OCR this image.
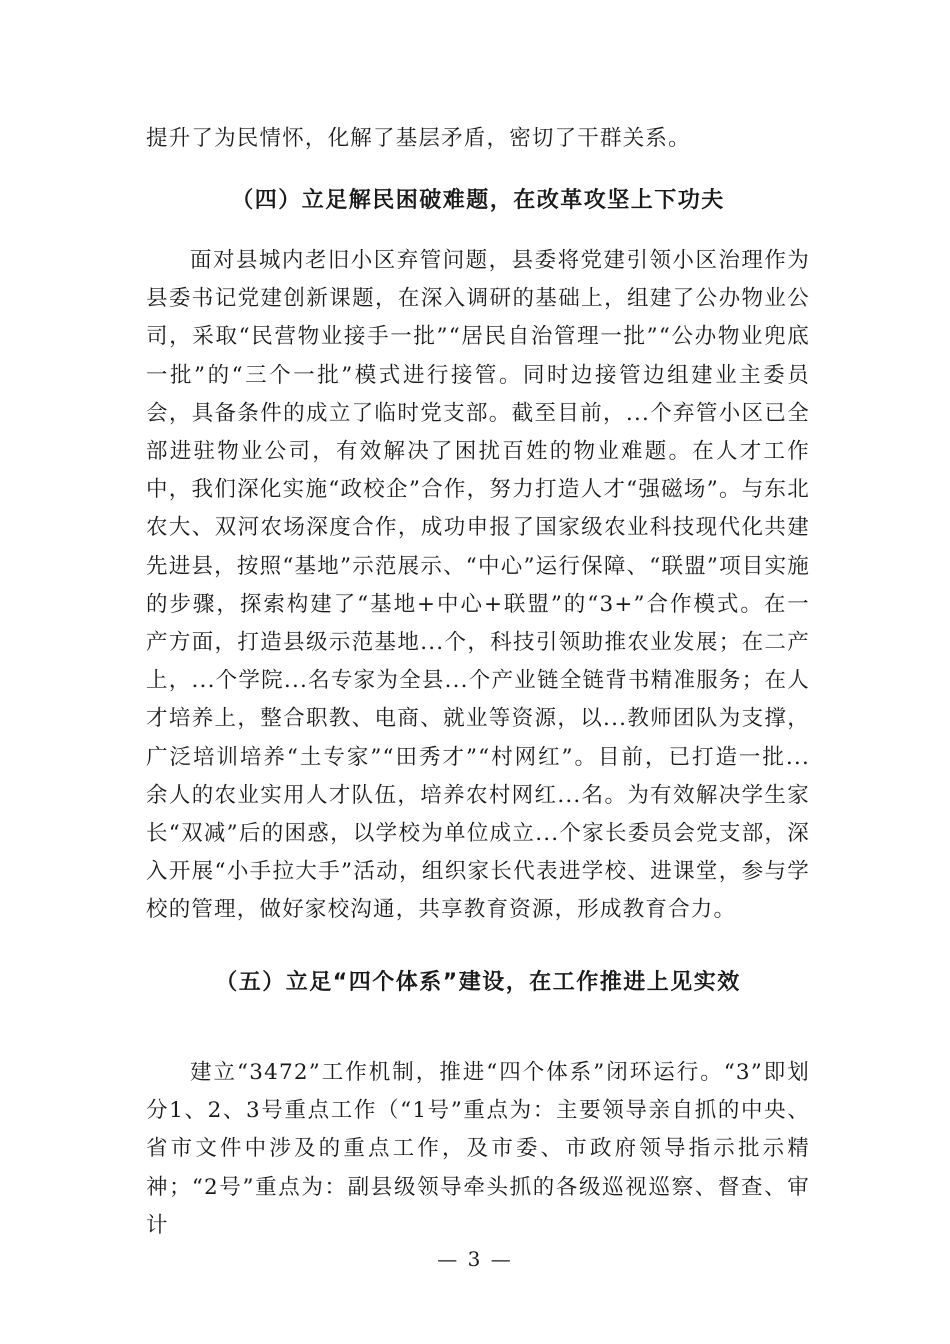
提升了为民情怀，化解了基层矛盾，密切了干群关系。

（四）立足解民困破难题，在改革攻坚上下功夫

面对县城内老旧小区弃管问题，县委将党建引领小区治理作为县委书记党建创新课题，在深入调研的基础上，组建了公办物业公司，采取“民营物业接手一批”“居民自治管理一批”“公办物业兜底一批”的“三个一批”模式进行接管。同时边接管边组建业主委员会，具备条件的成立了临时党支部。截至目前，...个弃管小区已全部进驻物业公司，有效解决了困扰百姓的物业难题。在人才工作中，我们深化实施“政校企”合作，努力打造人才“强磁场”。与东北农大、双河农场深度合作，成功申报了国家级农业科技现代化共建先进县，按照“基地”示范展示、“中心”运行保障、“联盟”项目实施的步骤，探索构建了“基地+中心+联盟”的“3+”合作模式。在一产方面，打造县级示范基地...个，科技引领助推农业发展；在二产上，...个学院...名专家为全县...个产业链全链背书精准服务；在人才培养上，整合职教、电商、就业等资源，以...教师团队为支撑，广泛培训培养“土专家”“田秀才”“村网红”。目前，已打造一批...余人的农业实用人才队伍，培养农村网红...名。为有效解决学生家长“双减”后的困惑，以学校为单位成立...个家长委员会党支部，深入开展“小手拉大手”活动，组织家长代表进学校、进课堂，参与学校的管理，做好家校沟通，共享教育资源，形成教育合力。

（五）立足“四个体系”建设，在工作推进上见实效

建立“3472”工作机制，推进“四个体系”闭环运行。“3”即划分1、2、3号重点工作（“1号”重点为：主要领导亲自抓的中央、省市文件中涉及的重点工作，及市委、市政府领导指示批示精神；“2号”重点为：副县级领导牵头抓的各级巡视巡察、督查、审计

— 3 —
